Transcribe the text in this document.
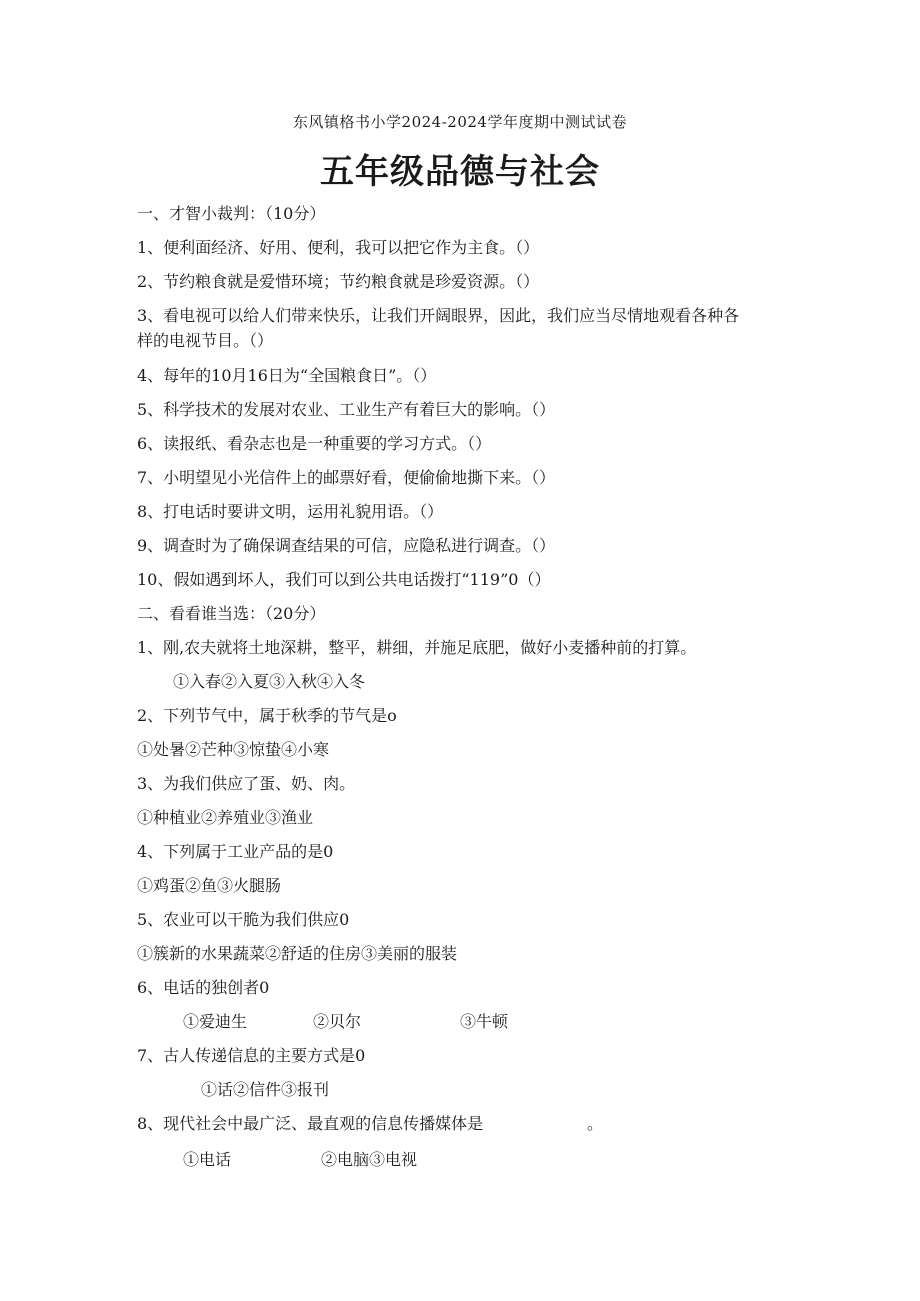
东风镇格书小学2024-2024学年度期中测试试卷
五年级品德与社会
一、才智小裁判：（10分）
1、便利面经济、好用、便利，我可以把它作为主食。（）
2、节约粮食就是爱惜环境；节约粮食就是珍爱资源。（）
3、看电视可以给人们带来快乐，让我们开阔眼界，因此，我们应当尽情地观看各种各
样的电视节目。（）
4、每年的10月16日为“全国粮食日”。（）
5、科学技术的发展对农业、工业生产有着巨大的影响。（）
6、读报纸、看杂志也是一种重要的学习方式。（）
7、小明望见小光信件上的邮票好看，便偷偷地撕下来。（）
8、打电话时要讲文明，运用礼貌用语。（）
9、调查时为了确保调查结果的可信，应隐私进行调查。（）
10、假如遇到坏人，我们可以到公共电话拨打“119”0（）
二、看看谁当选：（20分）
1、刚,农夫就将土地深耕，整平，耕细，并施足底肥，做好小麦播种前的打算。
①入春②入夏③入秋④入冬
2、下列节气中，属于秋季的节气是o
①处暑②芒种③惊蛰④小寒
3、为我们供应了蛋、奶、肉。
①种植业②养殖业③渔业
4、下列属于工业产品的是0
①鸡蛋②鱼③火腿肠
5、农业可以干脆为我们供应0
①簇新的水果蔬菜②舒适的住房③美丽的服装
6、电话的独创者0
①爱迪生	②贝尔	③牛顿
7、古人传递信息的主要方式是0
①话②信件③报刊
8、现代社会中最广泛、最直观的信息传播媒体是	。
①电话	②电脑③电视
